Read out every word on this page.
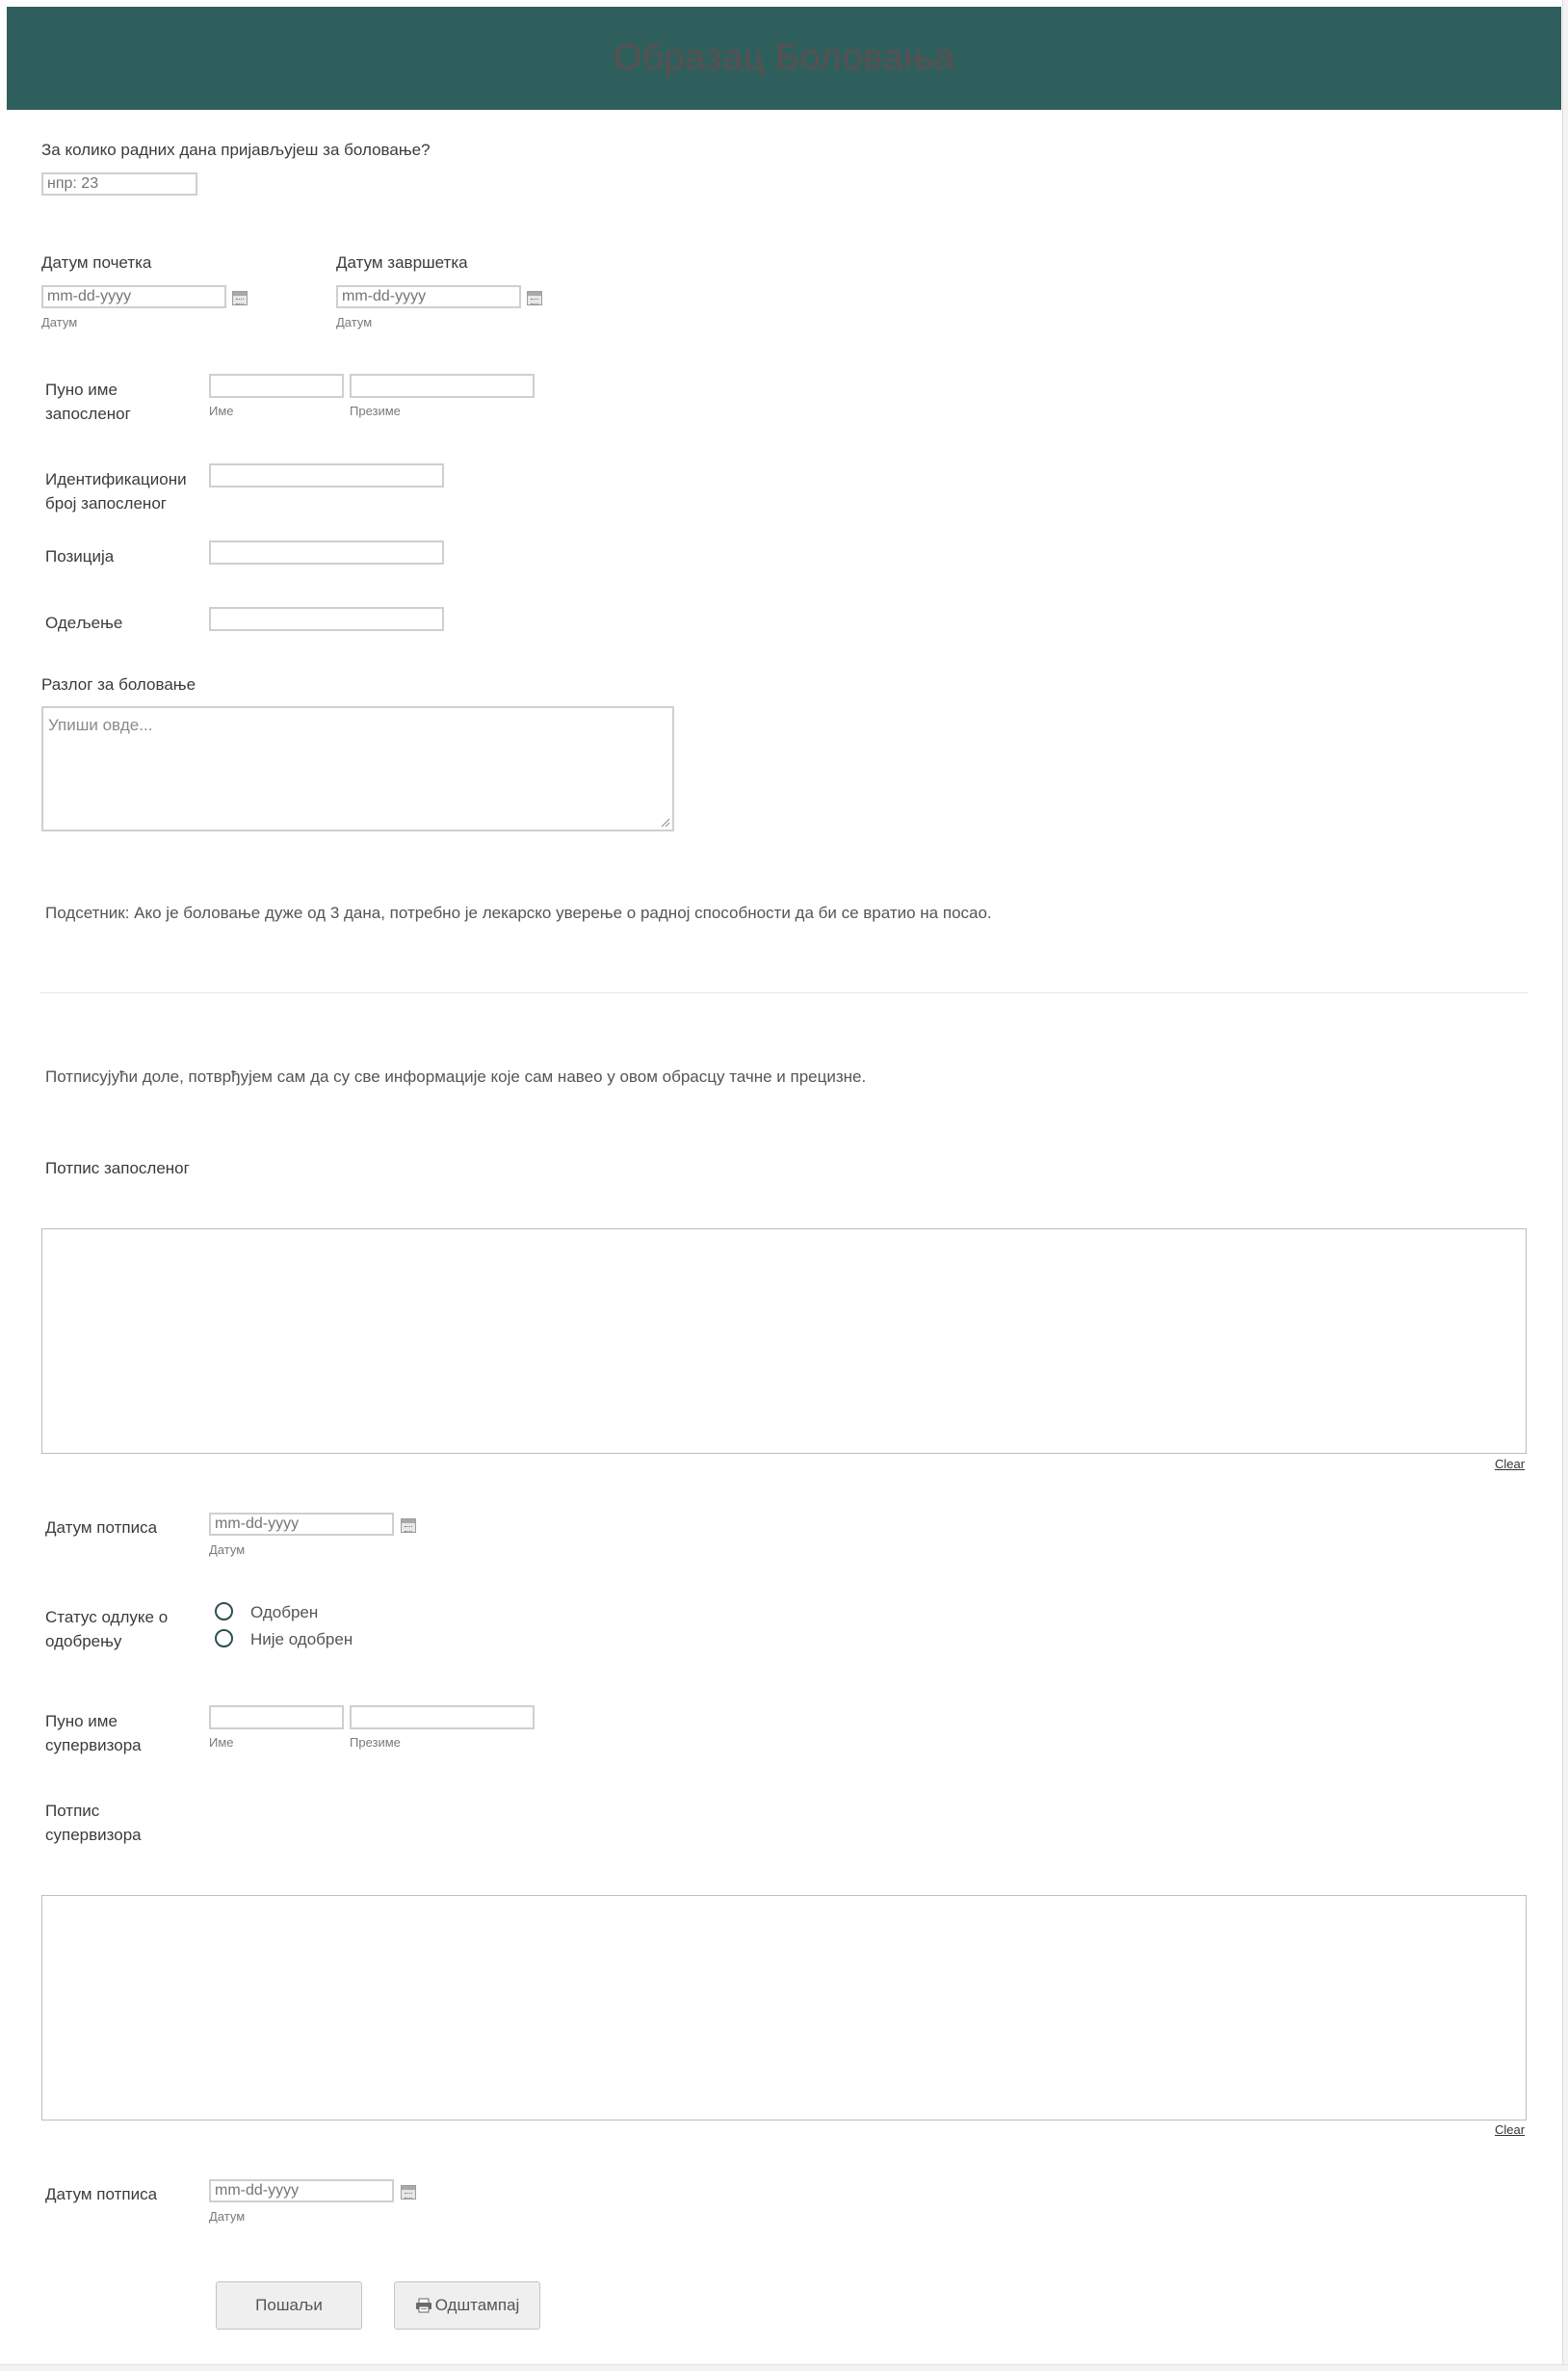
Образац Боловања
За колико радних дана пријављујеш за боловање?
нпр: 23
Датум почетка
mm-dd-yyyy
Датум
Датум завршетка
mm-dd-yyyy
Датум
Пуно име
запосленог	Име	Презиме
Идентификациони
број запосленог
Позиција
Одељење
Разлог за боловање
Упиши овде...
Подсетник: Ако је боловање дуже од 3 дана, потребно је лекарско уверење о радној способности да би се вратио на посао.
Потписујући доле, потврђујем сам да су све информације које сам навео у овом обрасцу тачне и прецизне.
Потпис запосленог
Clear
Датум потписа
mm-dd-yyyy
Датум
Статус одлуке о
одобрењу
Одобрен
Није одобрен
Пуно име
супервизора	Име	Презиме
Потпис
супервизора
Clear
Датум потписа
mm-dd-yyyy
Датум
Пошаљи	Одштампај
